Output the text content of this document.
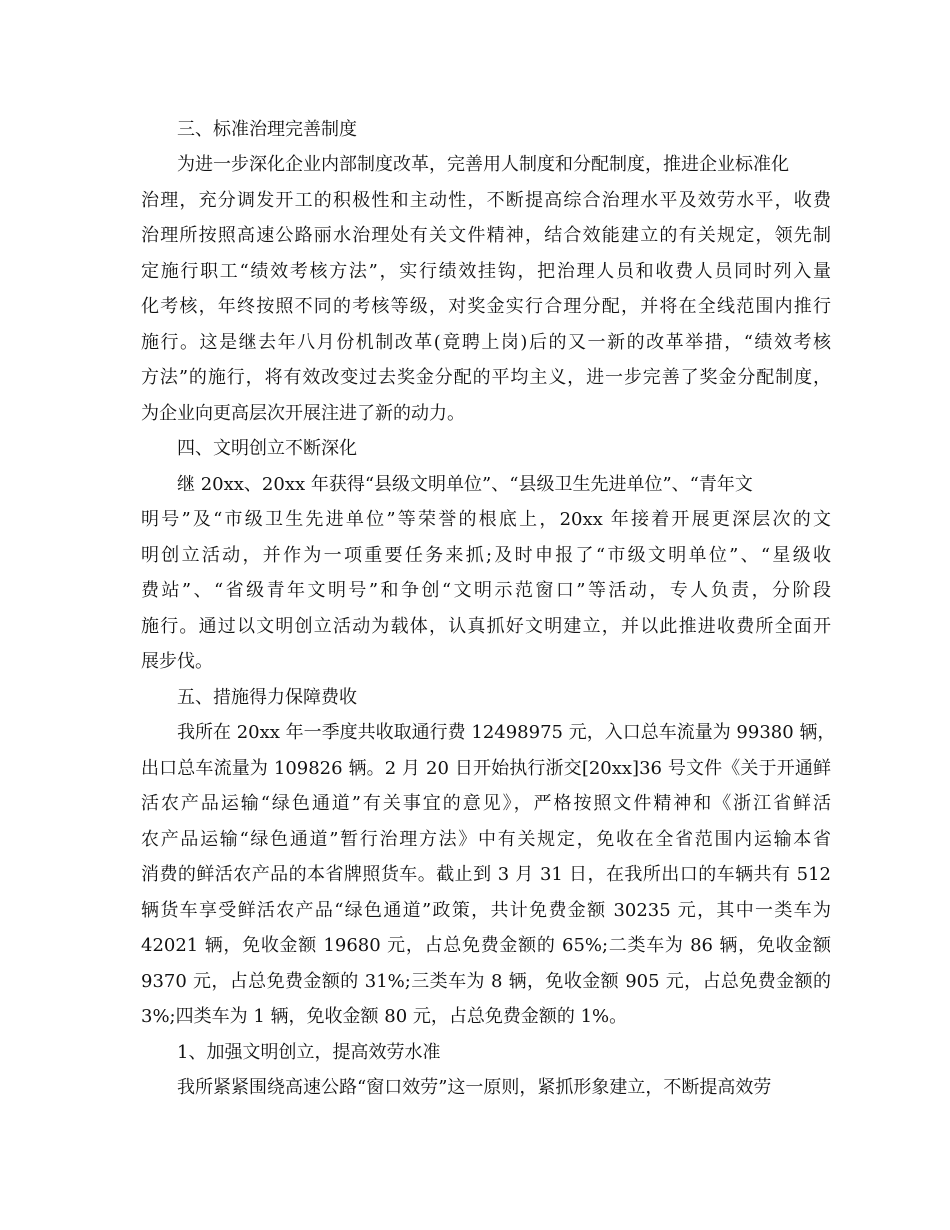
三、标准治理完善制度
为进一步深化企业内部制度改革，完善用人制度和分配制度，推进企业标准化
治理，充分调发开工的积极性和主动性，不断提高综合治理水平及效劳水平，收费
治理所按照高速公路丽水治理处有关文件精神，结合效能建立的有关规定，领先制
定施行职工“绩效考核方法”，实行绩效挂钩，把治理人员和收费人员同时列入量
化考核，年终按照不同的考核等级，对奖金实行合理分配，并将在全线范围内推行
施行。这是继去年八月份机制改革(竟聘上岗)后的又一新的改革举措，“绩效考核
方法”的施行，将有效改变过去奖金分配的平均主义，进一步完善了奖金分配制度，
为企业向更高层次开展注进了新的动力。
四、文明创立不断深化
继 20xx、20xx 年获得“县级文明单位”、“县级卫生先进单位”、“青年文
明号”及“市级卫生先进单位”等荣誉的根底上，20xx 年接着开展更深层次的文
明创立活动，并作为一项重要任务来抓;及时申报了“市级文明单位”、“星级收
费站”、“省级青年文明号”和争创“文明示范窗口”等活动，专人负责，分阶段
施行。通过以文明创立活动为载体，认真抓好文明建立，并以此推进收费所全面开
展步伐。
五、措施得力保障费收
我所在 20xx 年一季度共收取通行费 12498975 元，入口总车流量为 99380 辆，
出口总车流量为 109826 辆。2 月 20 日开始执行浙交[20xx]36 号文件《关于开通鲜
活农产品运输“绿色通道”有关事宜的意见》，严格按照文件精神和《浙江省鲜活
农产品运输“绿色通道”暂行治理方法》中有关规定，免收在全省范围内运输本省
消费的鲜活农产品的本省牌照货车。截止到 3 月 31 日，在我所出口的车辆共有 512
辆货车享受鲜活农产品“绿色通道”政策，共计免费金额 30235 元，其中一类车为
42021 辆，免收金额 19680 元，占总免费金额的 65%;二类车为 86 辆，免收金额
9370 元，占总免费金额的 31%;三类车为 8 辆，免收金额 905 元，占总免费金额的
3%;四类车为 1 辆，免收金额 80 元，占总免费金额的 1%。
1、加强文明创立，提高效劳水准
我所紧紧围绕高速公路“窗口效劳”这一原则，紧抓形象建立，不断提高效劳
